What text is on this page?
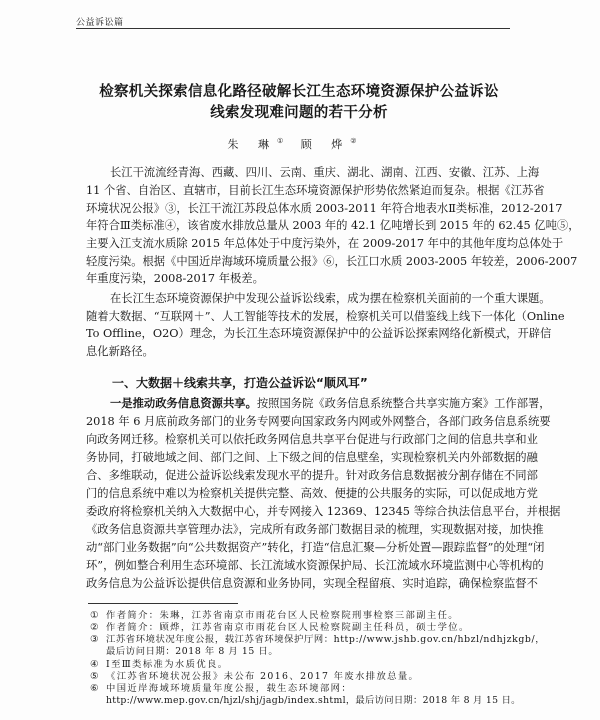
公益诉讼篇
检察机关探索信息化路径破解长江生态环境资源保护公益诉讼
线索发现难问题的若干分析
朱 琳① 顾 烨②
长江干流流经青海、西藏、四川、云南、重庆、湖北、湖南、江西、安徽、江苏、上海
11 个省、自治区、直辖市，目前长江生态环境资源保护形势依然紧迫而复杂。根据《江苏省
环境状况公报》③，长江干流江苏段总体水质 2003-2011 年符合地表水Ⅱ类标准，2012-2017
年符合Ⅲ类标准④，该省废水排放总量从 2003 年的 42.1 亿吨增长到 2015 年的 62.45 亿吨⑤，
主要入江支流水质除 2015 年总体处于中度污染外，在 2009-2017 年中的其他年度均总体处于
轻度污染。根据《中国近岸海域环境质量公报》⑥，长江口水质 2003-2005 年较差，2006-2007
年重度污染，2008-2017 年极差。
在长江生态环境资源保护中发现公益诉讼线索，成为摆在检察机关面前的一个重大课题。
随着大数据、“互联网＋”、人工智能等技术的发展，检察机关可以借鉴线上线下一体化（Online
To Offline，O2O）理念，为长江生态环境资源保护中的公益诉讼探索网络化新模式，开辟信
息化新路径。
一、大数据＋线索共享，打造公益诉讼“顺风耳”
一是推动政务信息资源共享。按照国务院《政务信息系统整合共享实施方案》工作部署，
2018 年 6 月底前政务部门的业务专网要向国家政务内网或外网整合，各部门政务信息系统要
向政务网迁移。检察机关可以依托政务网信息共享平台促进与行政部门之间的信息共享和业
务协同，打破地域之间、部门之间、上下级之间的信息壁垒，实现检察机关内外部数据的融
合、多维联动，促进公益诉讼线索发现水平的提升。针对政务信息数据被分割存储在不同部
门的信息系统中难以为检察机关提供完整、高效、便捷的公共服务的实际，可以促成地方党
委政府将检察机关纳入大数据中心，并专网接入 12369、12345 等综合执法信息平台，并根据
《政务信息资源共享管理办法》，完成所有政务部门数据目录的梳理，实现数据对接，加快推
动“部门业务数据”向“公共数据资产”转化，打造“信息汇聚—分析处置—跟踪监督”的处理“闭
环”，例如整合利用生态环境部、长江流域水资源保护局、长江流域水环境监测中心等机构的
政务信息为公益诉讼提供信息资源和业务协同，实现全程留痕、实时追踪，确保检察监督不
① 作者简介：朱琳，江苏省南京市雨花台区人民检察院刑事检察三部副主任。
② 作者简介：顾烨，江苏省南京市雨花台区人民检察院副主任科员，硕士学位。
③ 江苏省环境状况年度公报，载江苏省环境保护厅网：http://www.jshb.gov.cn/hbzl/ndhjzkgb/，
最后访问日期：2018 年 8 月 15 日。
④ Ⅰ至Ⅲ类标准为水质优良。
⑤ 《江苏省环境状况公报》未公布 2016、2017 年废水排放总量。
⑥ 中国近岸海域环境质量年度公报，载生态环境部网：
http://www.mep.gov.cn/hjzl/shj/jagb/index.shtml，最后访问日期：2018 年 8 月 15 日。
